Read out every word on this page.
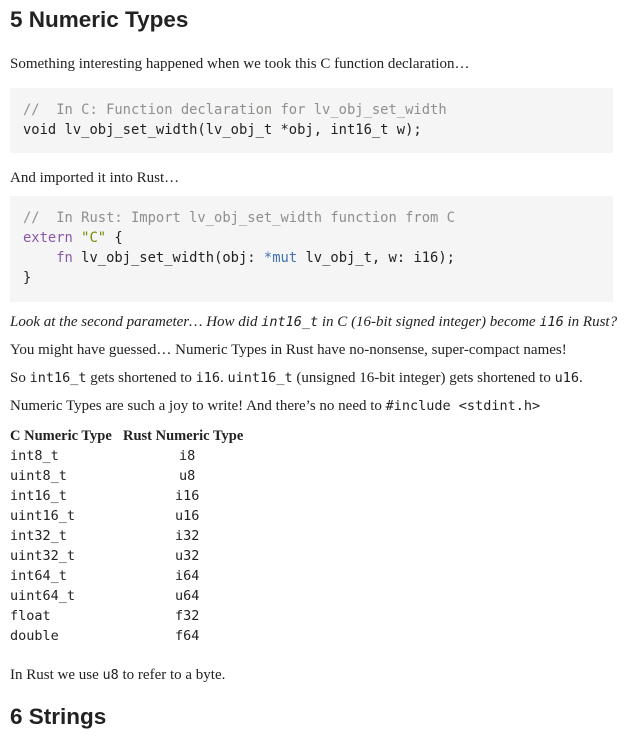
5 Numeric Types
Something interesting happened when we took this C function declaration…
//  In C: Function declaration for lv_obj_set_width
void lv_obj_set_width(lv_obj_t *obj, int16_t w);
And imported it into Rust…
//  In Rust: Import lv_obj_set_width function from C
extern "C" {
fn lv_obj_set_width(obj: *mut lv_obj_t, w: i16);
}
Look at the second parameter… How did int16_t in C (16-bit signed integer) become i16 in Rust?
You might have guessed… Numeric Types in Rust have no-nonsense, super-compact names!
So int16_t gets shortened to i16. uint16_t (unsigned 16-bit integer) gets shortened to u16.
Numeric Types are such a joy to write! And there’s no need to #include <stdint.h>
C Numeric Type	Rust Numeric Type
int8_t	i8
uint8_t	u8
int16_t	i16
uint16_t	u16
int32_t	i32
uint32_t	u32
int64_t	i64
uint64_t	u64
float	f32
double	f64
In Rust we use u8 to refer to a byte.
6 Strings
